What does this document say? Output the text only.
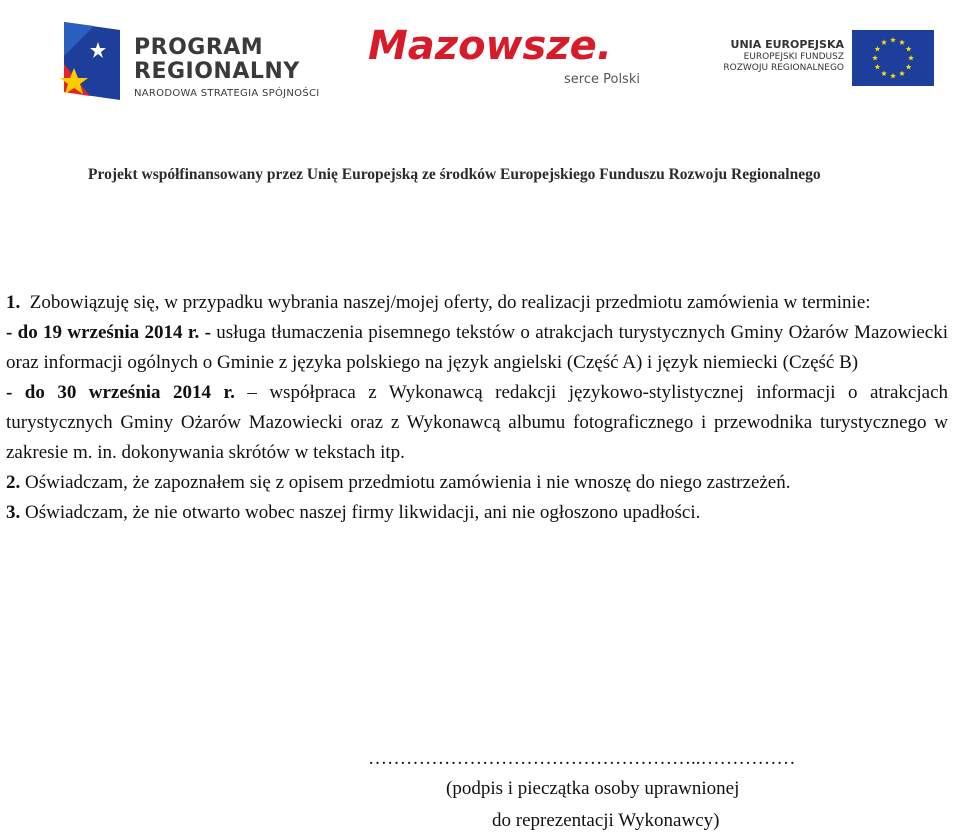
PROGRAM
REGIONALNY
NARODOWA STRATEGIA SPÓJNOŚCI
Mazowsze.
serce Polski
UNIA EUROPEJSKA
EUROPEJSKI FUNDUSZ
ROZWOJU REGIONALNEGO
Projekt współfinansowany przez Unię Europejską ze środków Europejskiego Funduszu Rozwoju Regionalnego

1. Zobowiązuję się, w przypadku wybrania naszej/mojej oferty, do realizacji przedmiotu zamówienia w terminie:

- do 19 września 2014 r. - usługa tłumaczenia pisemnego tekstów o atrakcjach turystycznych Gminy Ożarów Mazowiecki oraz informacji ogólnych o Gminie z języka polskiego na język angielski (Część A) i język niemiecki (Część B)

- do 30 września 2014 r. – współpraca z Wykonawcą redakcji językowo-stylistycznej informacji o atrakcjach turystycznych Gminy Ożarów Mazowiecki oraz z Wykonawcą albumu fotograficznego i przewodnika turystycznego w zakresie m. in. dokonywania skrótów w tekstach itp.

2. Oświadczam, że zapoznałem się z opisem przedmiotu zamówienia i nie wnoszę do niego zastrzeżeń.

3. Oświadczam, że nie otwarto wobec naszej firmy likwidacji, ani nie ogłoszono upadłości.

……………………………………………..……………
(podpis i pieczątka osoby uprawnionej
do reprezentacji Wykonawcy)
